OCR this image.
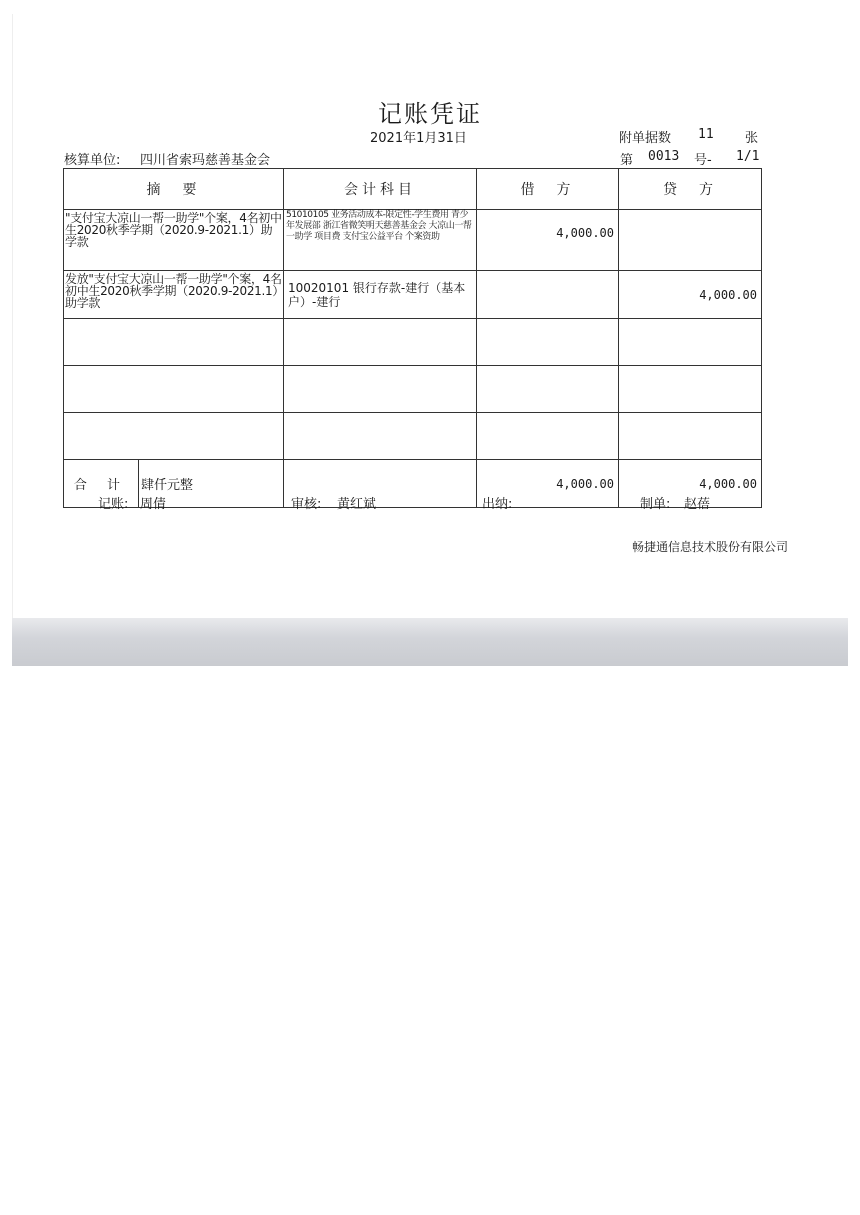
记账凭证
2021年1月31日	附单据数 11 张
核算单位: 四川省索玛慈善基金会	第 0013 号- 1/1
摘　要	会计科目	借　方	贷　方
"支付宝大凉山一帮一助学"个案，4名初中生2020秋季学期（2020.9-2021.1）助学款	51010105 业务活动成本-限定性-学生费用 青少年发展部 浙江省微笑明天慈善基金会 大凉山一帮一助学 项目费 支付宝公益平台 个案资助	4,000.00	
发放"支付宝大凉山一帮一助学"个案，4名初中生2020秋季学期（2020.9-2021.1）助学款	10020101 银行存款-建行（基本户）-建行		4,000.00

合 计 肆仟元整		4,000.00	4,000.00
记账: 周倩	审核: 黄红斌	出纳:	制单: 赵蓓
畅捷通信息技术股份有限公司
